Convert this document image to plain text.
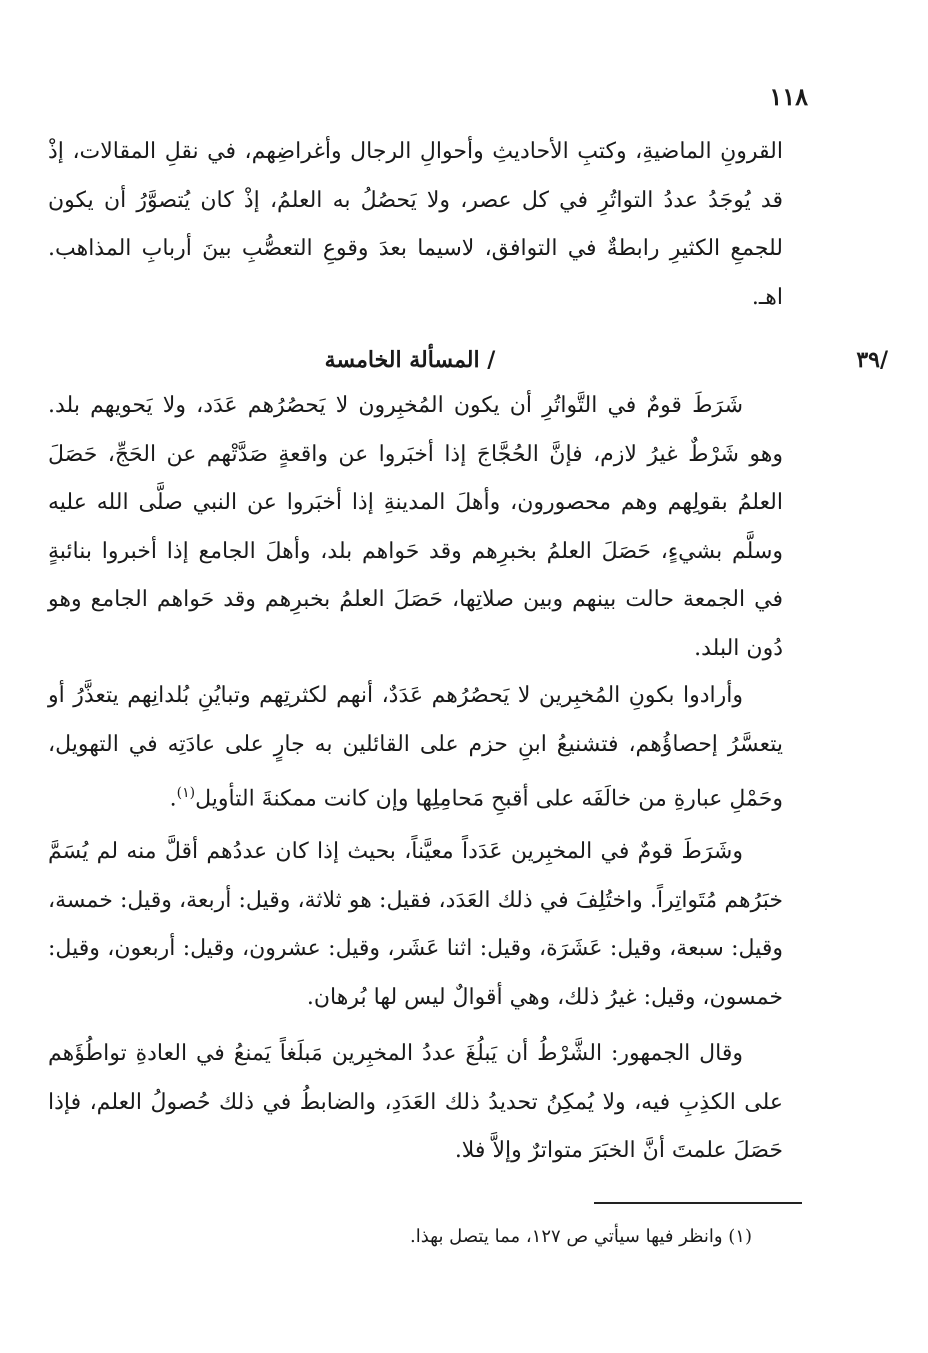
١١٨

القرونِ الماضيةِ، وكتبِ الأحاديثِ وأحوالِ الرجال وأغراضِهم، في نقلِ المقالات، إذْ قد يُوجَدُ عددُ التواتُرِ في كل عصر، ولا يَحصُلُ به العلمُ، إذْ كان يُتصوَّرُ أن يكون للجمعِ الكثيرِ رابطةٌ في التوافق، لاسيما بعدَ وقوعِ التعصُّبِ بينَ أربابِ المذاهب. اهـ.

/٣٩
/ المسألة الخامسة

شَرَطَ قومٌ في التَّواتُرِ أن يكون المُخبِرون لا يَحصُرُهم عَدَد، ولا يَحويهم بلد. وهو شَرْطٌ غيرُ لازم، فإنَّ الحُجَّاجَ إذا أخبَروا عن واقعةٍ صَدَّتْهم عن الحَجِّ، حَصَلَ العلمُ بقولِهم وهم محصورون، وأهلَ المدينةِ إذا أخبَروا عن النبي صلَّى الله عليه وسلَّم بشيءٍ، حَصَلَ العلمُ بخبرِهم وقد حَواهم بلد، وأهلَ الجامع إذا أخبروا بنائبةٍ في الجمعة حالت بينهم وبين صلاتِها، حَصَلَ العلمُ بخبرِهم وقد حَواهم الجامع وهو دُون البلد.

وأرادوا بكونِ المُخبِرين لا يَحصُرُهم عَدَدٌ، أنهم لكثرتِهم وتبايُنِ بُلدانِهم يتعذَّرُ أو يتعسَّرُ إحصاؤُهم، فتشنيعُ ابنِ حزم على القائلين به جارٍ على عادَتِه في التهويل، وحَمْلِ عبارةِ من خالَفَه على أقبحِ مَحامِلِها وإن كانت ممكنةَ التأويل$^{(١)}$.

وشَرَطَ قومٌ في المخبِرين عَدَداً معيَّناً، بحيث إذا كان عددُهم أقلَّ منه لم يُسَمَّ خبَرُهم مُتَواتِراً. واختُلِفَ في ذلك العَدَد، فقيل: هو ثلاثة، وقيل: أربعة، وقيل: خمسة، وقيل: سبعة، وقيل: عَشَرَة، وقيل: اثنا عَشَر، وقيل: عشرون، وقيل: أربعون، وقيل: خمسون، وقيل: غيرُ ذلك، وهي أقوالٌ ليس لها بُرهان.

وقال الجمهور: الشَّرْطُ أن يَبلُغَ عددُ المخبِرين مَبلَغاً يَمنعُ في العادةِ تواطُؤَهم على الكذِبِ فيه، ولا يُمكِنُ تحديدُ ذلك العَدَدِ، والضابطُ في ذلك حُصولُ العلم، فإذا حَصَلَ علمتَ أنَّ الخبَرَ متواترٌ وإلاَّ فلا.

(١) وانظر فيها سيأتي ص ١٢٧، مما يتصل بهذا.
